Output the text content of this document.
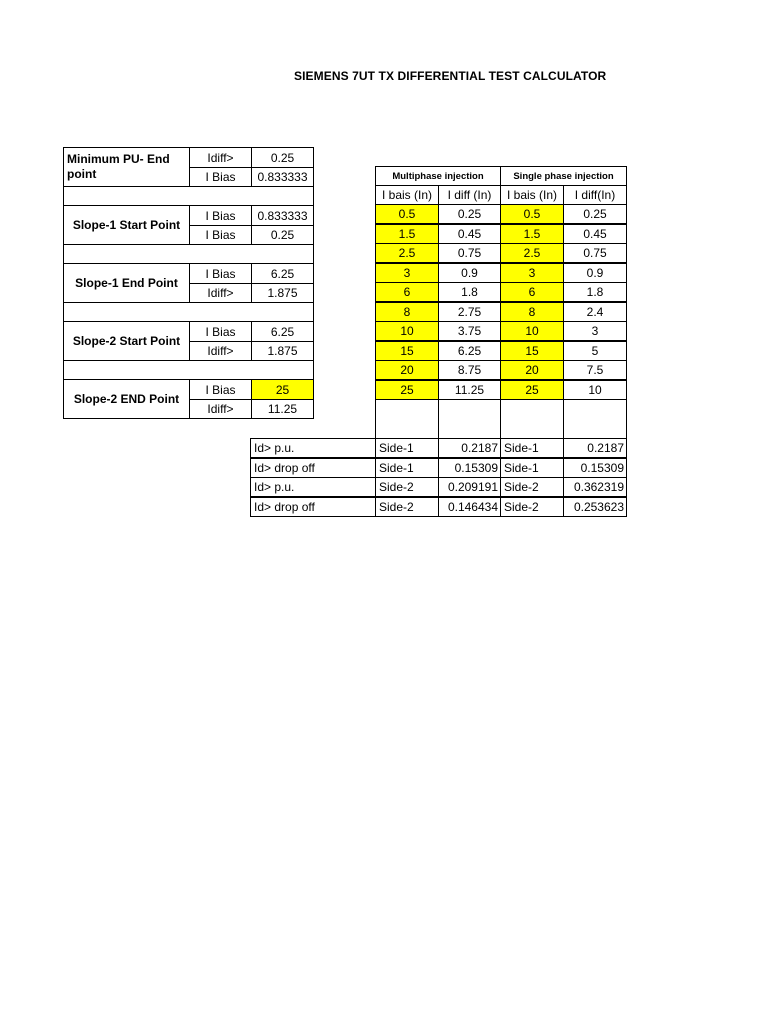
SIEMENS 7UT TX DIFFERENTIAL TEST CALCULATOR
Minimum PU- End point
Idiff>	0.25
I Bias	0.833333
Slope-1 Start Point
I Bias	0.833333
I Bias	0.25
Slope-1 End Point
I Bias	6.25
Idiff>	1.875
Slope-2 Start Point
I Bias	6.25
Idiff>	1.875
Slope-2 END Point
I Bias	25
Idiff>	11.25
Multiphase injection	Single phase injection
I bais (In)	I diff (In)	I bais (In)	I diff(In)
0.5	0.25	0.5	0.25
1.5	0.45	1.5	0.45
2.5	0.75	2.5	0.75
3	0.9	3	0.9
6	1.8	6	1.8
8	2.75	8	2.4
10	3.75	10	3
15	6.25	15	5
20	8.75	20	7.5
25	11.25	25	10
Id> p.u.	Side-1	0.2187 Side-1	0.2187
Id> drop off	Side-1	0.15309 Side-1	0.15309
Id> p.u.	Side-2	0.209191 Side-2	0.362319
Id> drop off	Side-2	0.146434 Side-2	0.253623
